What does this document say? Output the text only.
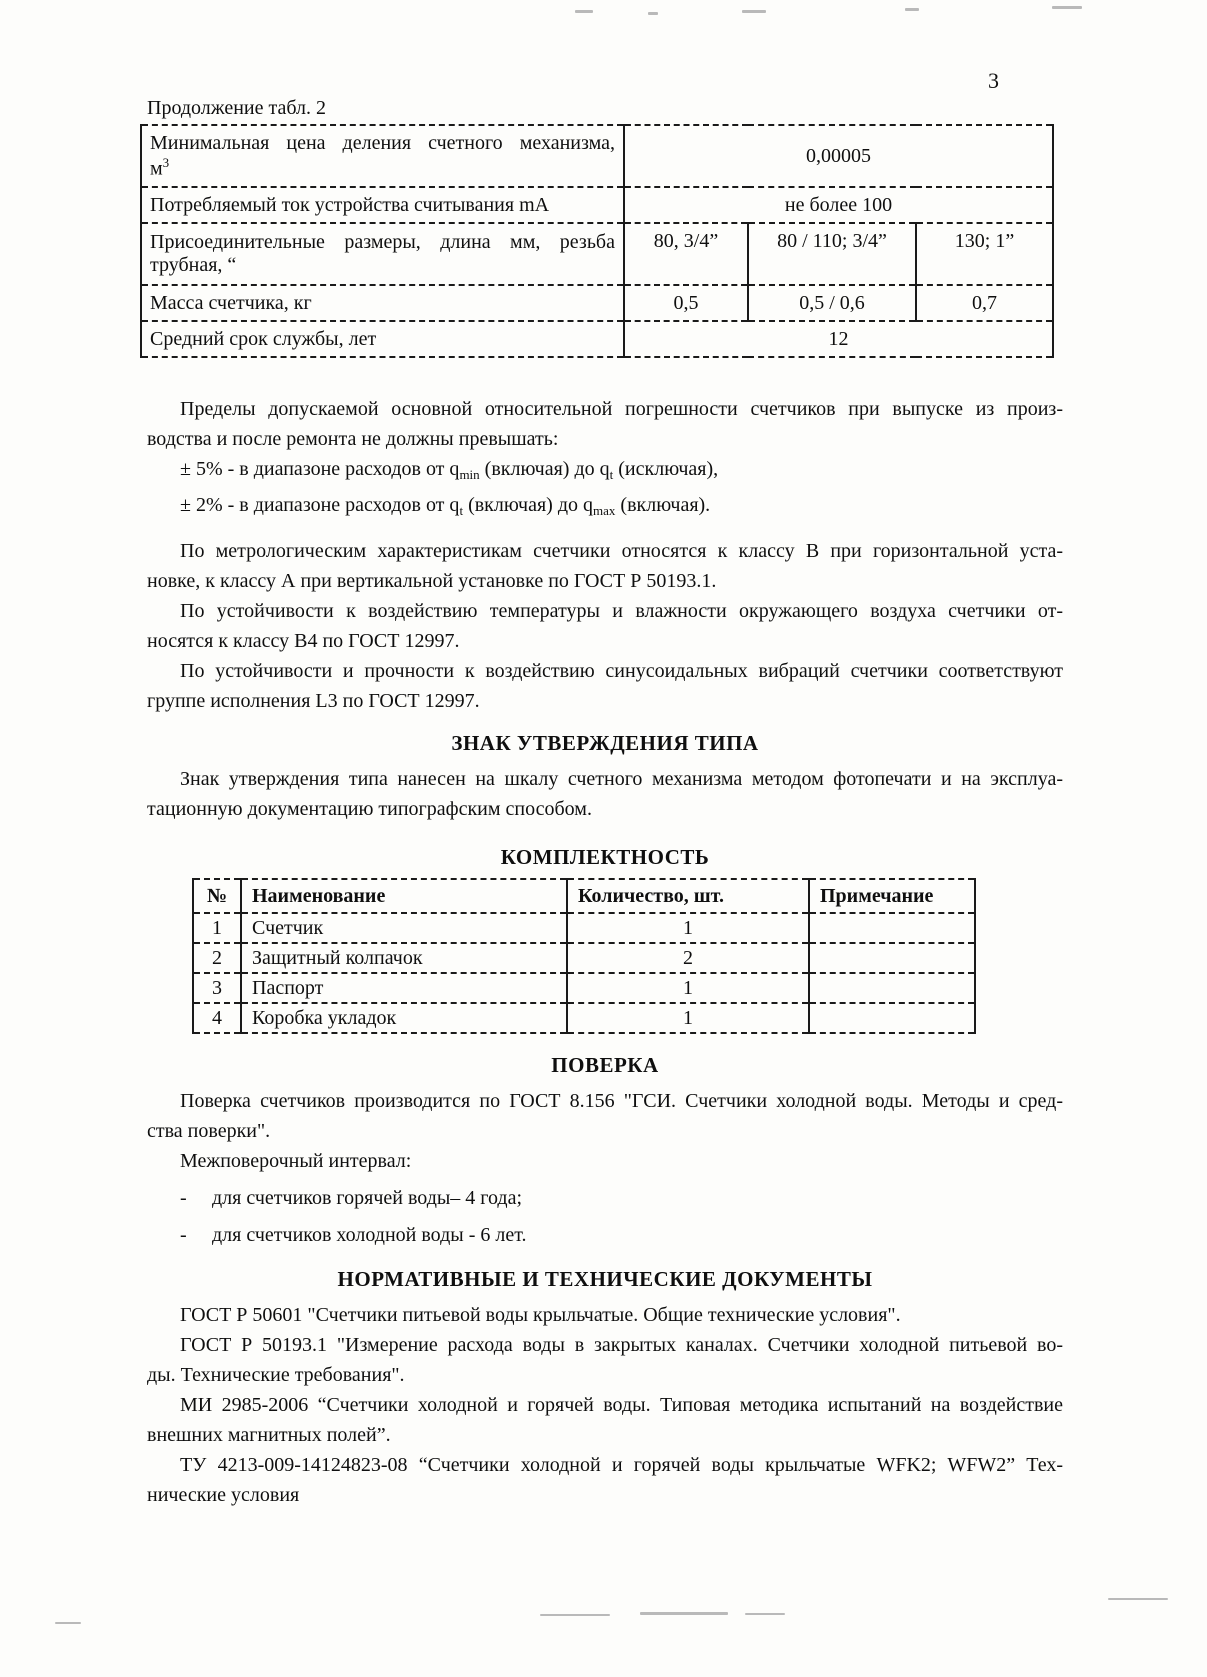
3
Продолжение табл. 2
Минимальная цена деления счетного механизма,
$м^3$	0,00005		
Потребляемый ток устройства считывания mA	не более 100		

Присоединительные размеры, длина мм, резьба
трубная, “	80, 3/4”	80 / 110; 3/4”	130; 1”
Масса счетчика, кг	0,5	0,5 / 0,6	0,7
Средний срок службы, лет	12		
Пределы допускаемой основной относительной погрешности счетчиков при выпуске из произ-
водства и после ремонта не должны превышать:
± 5% - в диапазоне расходов от $q_{min}$ (включая) до $q_t$ (исключая),
± 2% - в диапазоне расходов от $q_t$ (включая) до $q_{max}$ (включая).
По метрологическим характеристикам счетчики относятся к классу В при горизонтальной уста-
новке, к классу А при вертикальной установке по ГОСТ Р 50193.1.
По устойчивости к воздействию температуры и влажности окружающего воздуха счетчики от-
носятся к классу В4 по ГОСТ 12997.
По устойчивости и прочности к воздействию синусоидальных вибраций счетчики соответствуют
группе исполнения L3 по ГОСТ 12997.
ЗНАК УТВЕРЖДЕНИЯ ТИПА
Знак утверждения типа нанесен на шкалу счетного механизма методом фотопечати и на эксплуа-
тационную документацию типографским способом.
КОМПЛЕКТНОСТЬ
№	Наименование	Количество, шт.	Примечание
1	Счетчик	1	
2	Защитный колпачок	2	
3	Паспорт	1	
4	Коробка укладок	1	
ПОВЕРКА
Поверка счетчиков производится по ГОСТ 8.156 "ГСИ. Счетчики холодной воды. Методы и сред-
ства поверки".
Межповерочный интервал:
- для счетчиков горячей воды– 4 года;
- для счетчиков холодной воды - 6 лет.
НОРМАТИВНЫЕ И ТЕХНИЧЕСКИЕ ДОКУМЕНТЫ
ГОСТ Р 50601 "Счетчики питьевой воды крыльчатые. Общие технические условия".
ГОСТ Р 50193.1 "Измерение расхода воды в закрытых каналах. Счетчики холодной питьевой во-
ды. Технические требования".
МИ 2985-2006 “Счетчики холодной и горячей воды. Типовая методика испытаний на воздействие
внешних магнитных полей”.
ТУ 4213-009-14124823-08 “Счетчики холодной и горячей воды крыльчатые WFK2; WFW2” Тех-
нические условия
